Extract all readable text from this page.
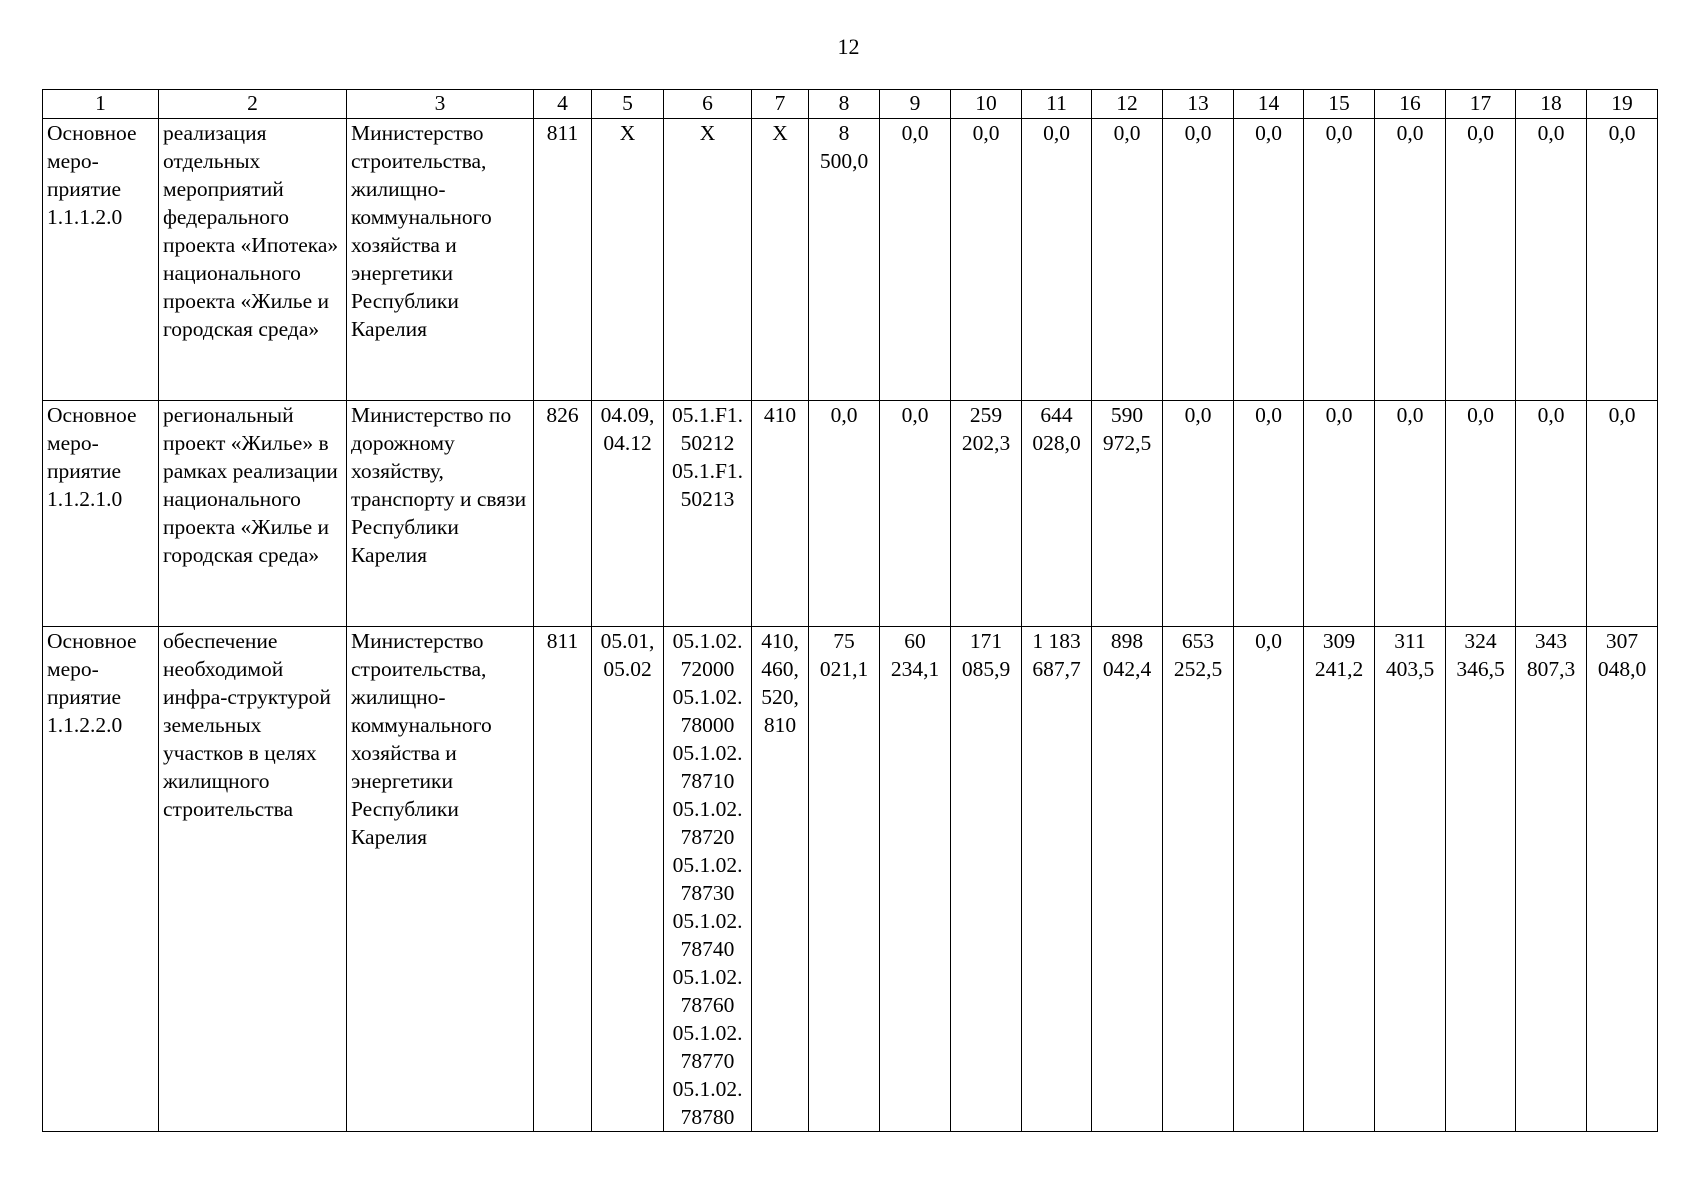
12
1	2	3	4	5	6	7	8	9	10	11	12	13	14	15	16	17	18	19
Основное меро-приятие 1.1.1.2.0	реализация отдельных мероприятий федерального проекта «Ипотека» национального проекта «Жилье и городская среда»	Министерство строительства, жилищно-коммунального хозяйства и энергетики Республики Карелия	811	X	X	X	8 500,0	0,0	0,0	0,0	0,0	0,0	0,0	0,0	0,0	0,0	0,0	0,0
Основное меро-приятие 1.1.2.1.0	региональный проект «Жилье» в рамках реализации национального проекта «Жилье и городская среда»	Министерство по дорожному хозяйству, транспорту и связи Республики Карелия	826	04.09, 04.12	05.1.F1. 50212 05.1.F1. 50213	410	0,0	0,0	259 202,3	644 028,0	590 972,5	0,0	0,0	0,0	0,0	0,0	0,0	0,0
Основное меро-приятие 1.1.2.2.0	обеспечение необходимой инфра-структурой земельных участков в целях жилищного строительства	Министерство строительства, жилищно-коммунального хозяйства и энергетики Республики Карелия	811	05.01, 05.02	05.1.02. 72000 05.1.02. 78000 05.1.02. 78710 05.1.02. 78720 05.1.02. 78730 05.1.02. 78740 05.1.02. 78760 05.1.02. 78770 05.1.02. 78780	410, 460, 520, 810	75 021,1	60 234,1	171 085,9	1 183 687,7	898 042,4	653 252,5	0,0	309 241,2	311 403,5	324 346,5	343 807,3	307 048,0
